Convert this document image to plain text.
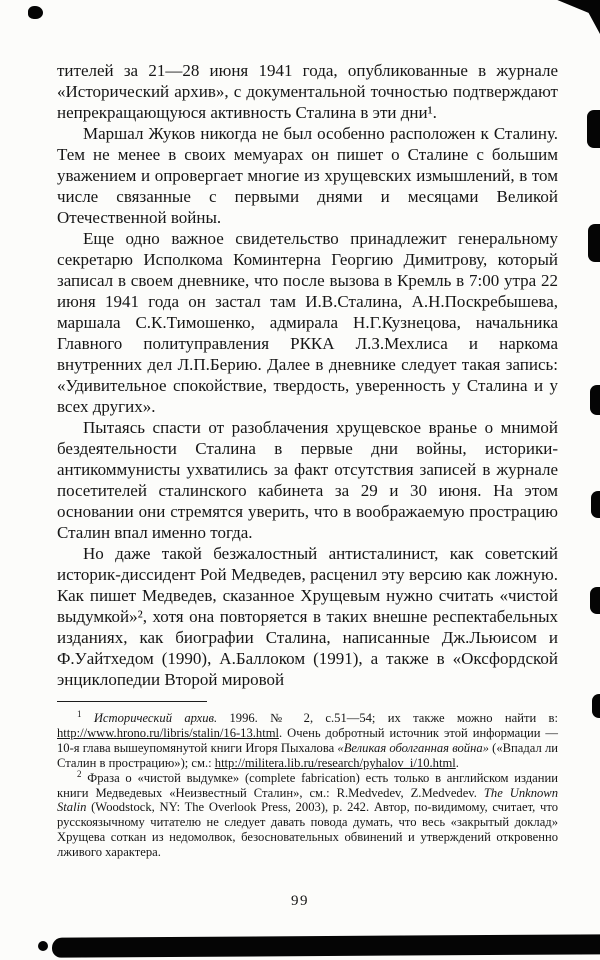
тителей за 21—28 июня 1941 года, опубликованные в журнале «Исторический архив», с документальной точностью подтверждают непрекращающуюся активность Сталина в эти дни¹.

Маршал Жуков никогда не был особенно расположен к Сталину. Тем не менее в своих мемуарах он пишет о Сталине с большим уважением и опровергает многие из хрущевских измышлений, в том числе связанные с первыми днями и месяцами Великой Отечественной войны.

Еще одно важное свидетельство принадлежит генеральному секретарю Исполкома Коминтерна Георгию Димитрову, который записал в своем дневнике, что после вызова в Кремль в 7:00 утра 22 июня 1941 года он застал там И.В.Сталина, А.Н.Поскребышева, маршала С.К.Тимошенко, адмирала Н.Г.Кузнецова, начальника Главного политуправления РККА Л.З.Мехлиса и наркома внутренних дел Л.П.Берию. Далее в дневнике следует такая запись: «Удивительное спокойствие, твердость, уверенность у Сталина и у всех других».

Пытаясь спасти от разоблачения хрущевское вранье о мнимой бездеятельности Сталина в первые дни войны, историки-антикоммунисты ухватились за факт отсутствия записей в журнале посетителей сталинского кабинета за 29 и 30 июня. На этом основании они стремятся уверить, что в воображаемую прострацию Сталин впал именно тогда.

Но даже такой безжалостный антисталинист, как советский историк-диссидент Рой Медведев, расценил эту версию как ложную. Как пишет Медведев, сказанное Хрущевым нужно считать «чистой выдумкой»², хотя она повторяется в таких внешне респектабельных изданиях, как биографии Сталина, написанные Дж.Льюисом и Ф.Уайтхедом (1990), А.Баллоком (1991), а также в «Оксфордской энциклопедии Второй мировой

$^1$ Исторический архив. 1996. № 2, с.51—54; их также можно найти в: http://www.hrono.ru/libris/stalin/16-13.html. Очень добротный источник этой информации — 10-я глава вышеупомянутой книги Игоря Пыхалова «Великая оболганная война» («Впадал ли Сталин в прострацию»); см.: http://militera.lib.ru/research/pyhalov_i/10.html.

$^2$ Фраза о «чистой выдумке» (complete fabrication) есть только в английском издании книги Медведевых «Неизвестный Сталин», см.: R.Medvedev, Z.Medvedev. The Unknown Stalin (Woodstock, NY: The Overlook Press, 2003), p. 242. Автор, по-видимому, считает, что русскоязычному читателю не следует давать повода думать, что весь «закрытый доклад» Хрущева соткан из недомолвок, безосновательных обвинений и утверждений откровенно лживого характера.

99
